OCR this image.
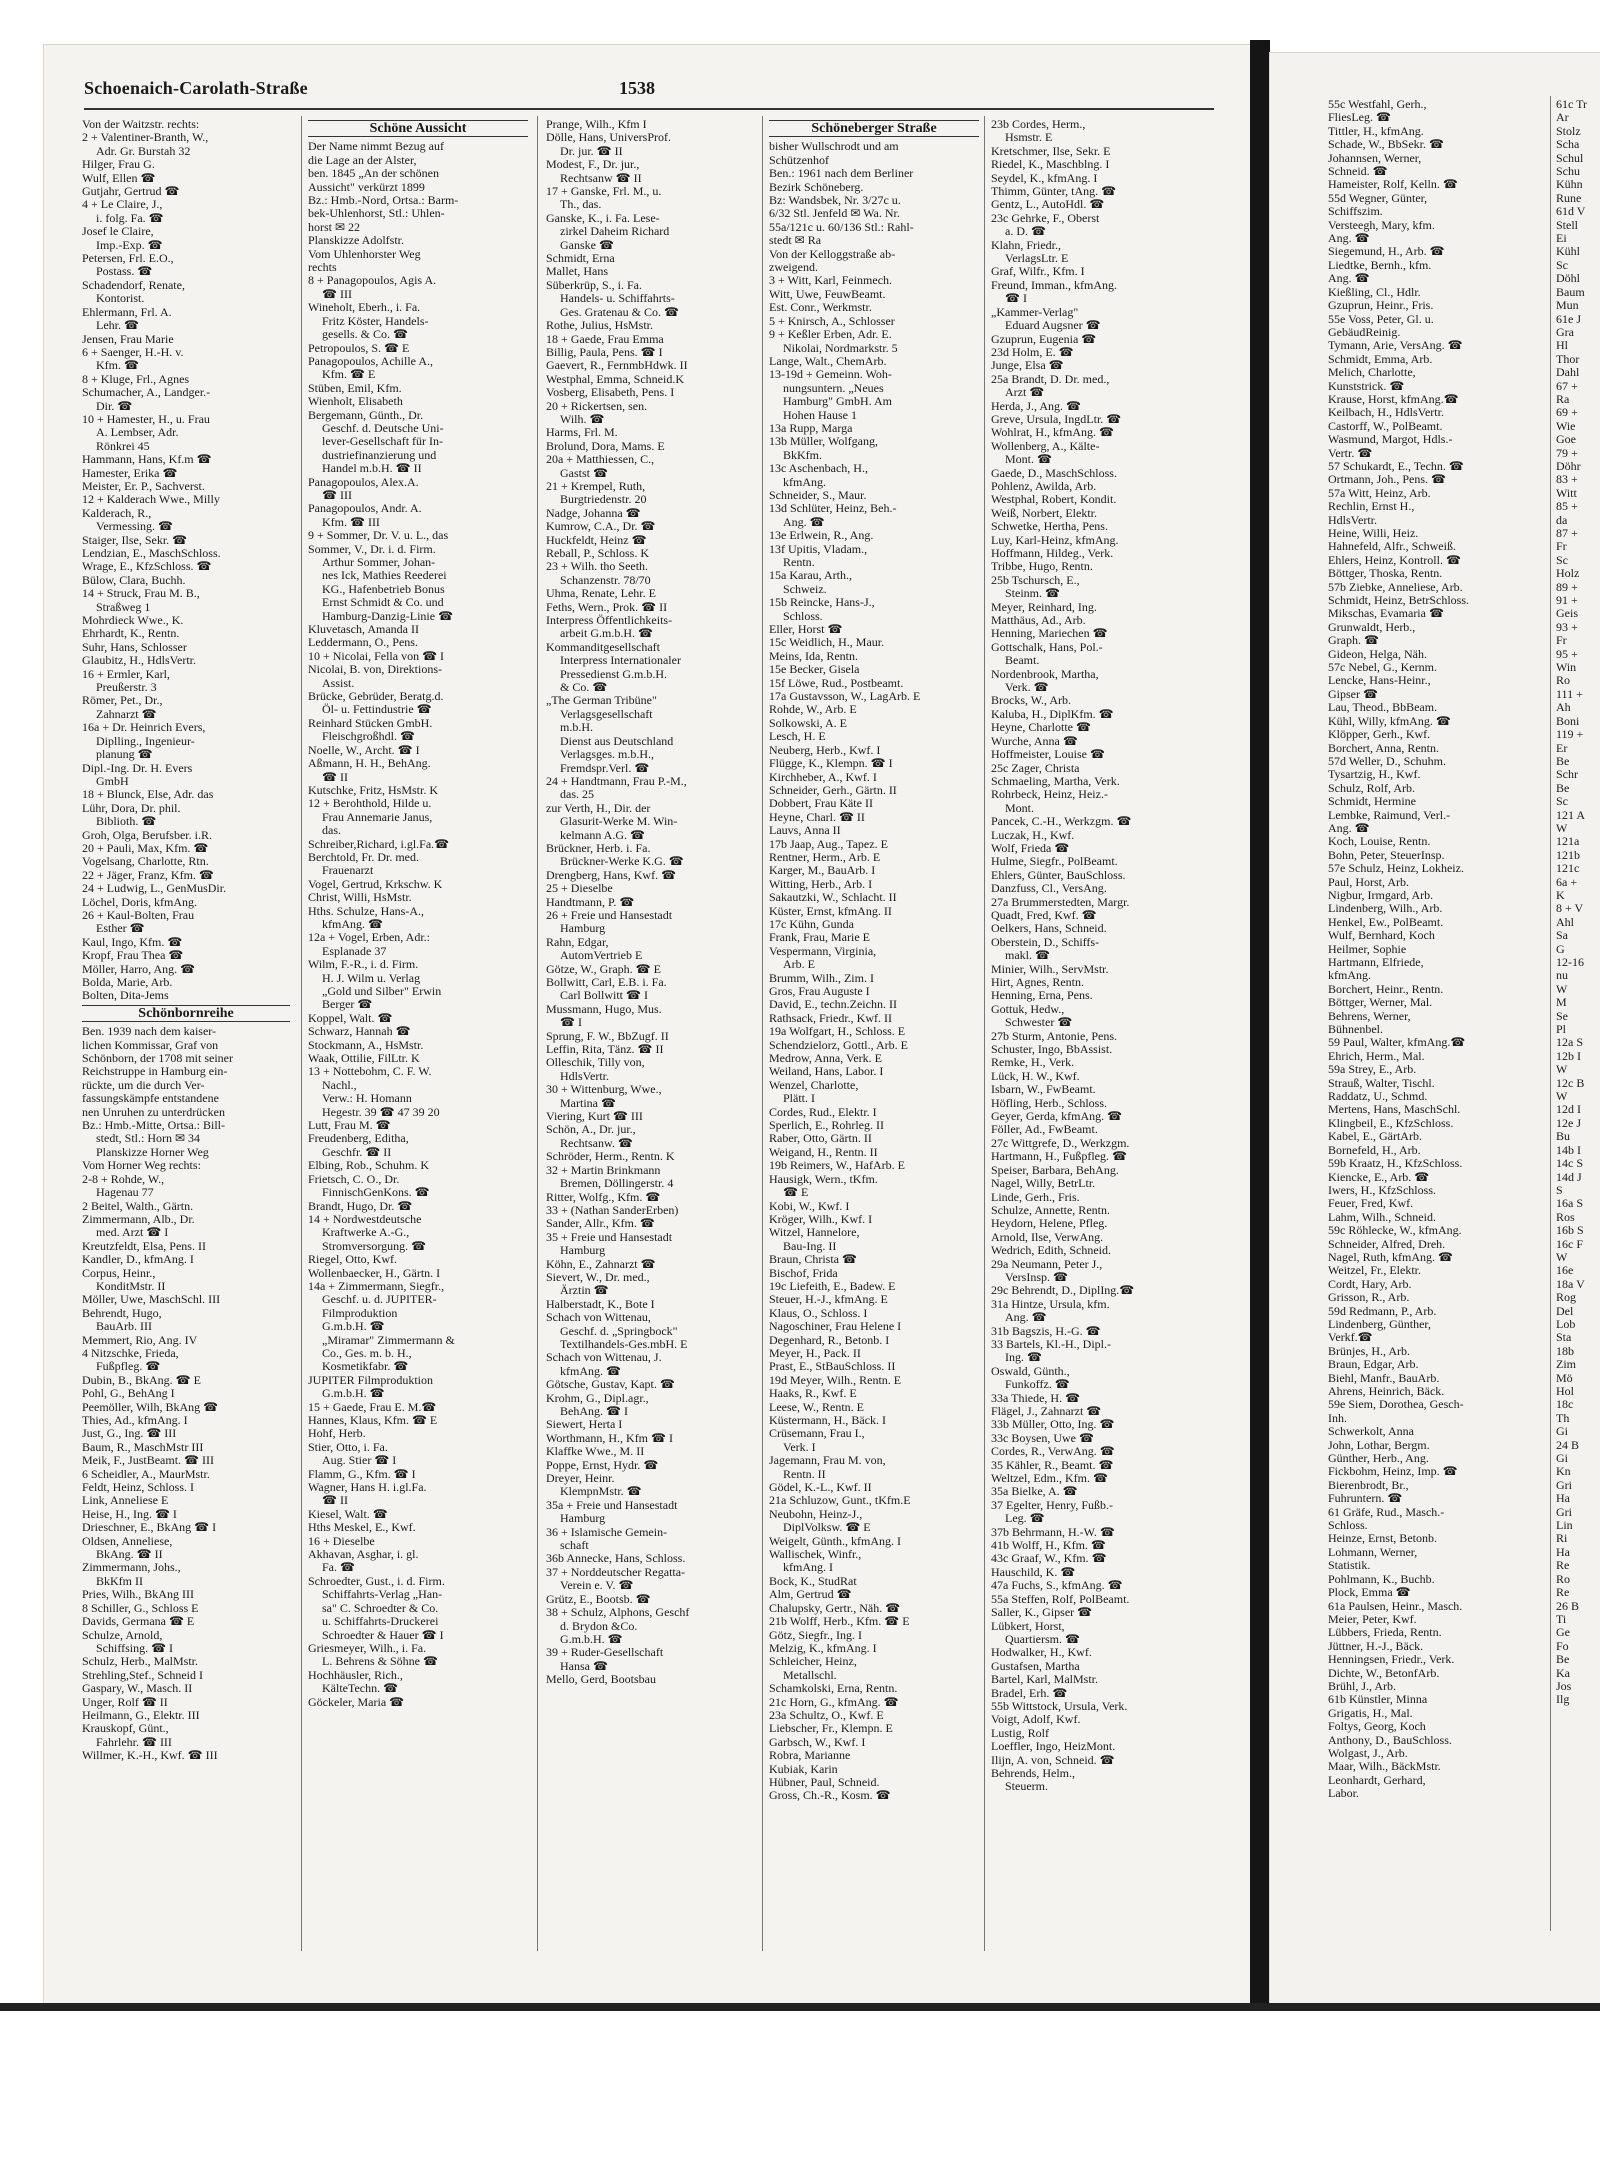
Schoenaich-Carolath-Straße	1538
Von der Waitzstr. rechts:
2 + Valentiner-Branth, W.,
Adr. Gr. Burstah 32
Hilger, Frau G.
Wulf, Ellen ☎
Gutjahr, Gertrud ☎
4 + Le Claire, J.,
i. folg. Fa. ☎
Josef le Claire,
Imp.-Exp. ☎
Petersen, Frl. E.O.,
Postass. ☎
Schadendorf, Renate,
Kontorist.
Ehlermann, Frl. A.
Lehr. ☎
Jensen, Frau Marie
6 + Saenger, H.-H. v.
Kfm. ☎
8 + Kluge, Frl., Agnes
Schumacher, A., Landger.-
Dir. ☎
10 + Hamester, H., u. Frau
A. Lembser, Adr.
Rönkrei 45
Hammann, Hans, Kf.m ☎
Hamester, Erika ☎
Meister, Er. P., Sachverst.
12 + Kalderach Wwe., Milly
Kalderach, R.,
Vermessing. ☎
Staiger, Ilse, Sekr. ☎
Lendzian, E., MaschSchloss.
Wrage, E., KfzSchloss. ☎
Bülow, Clara, Buchh.
14 + Struck, Frau M. B.,
Straßweg 1
Mohrdieck Wwe., K.
Ehrhardt, K., Rentn.
Suhr, Hans, Schlosser
Glaubitz, H., HdlsVertr.
16 + Ermler, Karl,
Preußerstr. 3
Römer, Pet., Dr.,
Zahnarzt ☎
16a + Dr. Heinrich Evers,
Diplling., Ingenieur-
planung ☎
Dipl.-Ing. Dr. H. Evers
GmbH
18 + Blunck, Else, Adr. das
Lühr, Dora, Dr. phil.
Biblioth. ☎
Groh, Olga, Berufsber. i.R.
20 + Pauli, Max, Kfm. ☎
Vogelsang, Charlotte, Rtn.
22 + Jäger, Franz, Kfm. ☎
24 + Ludwig, L., GenMusDir.
Löchel, Doris, kfmAng.
26 + Kaul-Bolten, Frau
Esther ☎
Kaul, Ingo, Kfm. ☎
Kropf, Frau Thea ☎
Möller, Harro, Ang. ☎
Bolda, Marie, Arb.
Bolten, Dita-Jems
Schönbornreihe
Ben. 1939 nach dem kaiser-
lichen Kommissar, Graf von
Schönborn, der 1708 mit seiner
Reichstruppe in Hamburg ein-
rückte, um die durch Ver-
fassungskämpfe entstandene
nen Unruhen zu unterdrücken
Bz.: Hmb.-Mitte, Ortsa.: Bill-
stedt, Stl.: Horn ✉ 34
Planskizze Horner Weg
Vom Horner Weg rechts:
2-8 + Rohde, W.,
Hagenau 77
2 Beitel, Walth., Gärtn.
Zimmermann, Alb., Dr.
med. Arzt ☎ I
Kreutzfeldt, Elsa, Pens. II
Kandler, D., kfmAng. I
Corpus, Heinr.,
KonditMstr. II
Möller, Uwe, MaschSchl. III
Behrendt, Hugo,
BauArb. III
Memmert, Rio, Ang. IV
4 Nitzschke, Frieda,
Fußpfleg. ☎
Dubin, B., BkAng. ☎ E
Pohl, G., BehAng I
Peemöller, Wilh, BkAng ☎
Thies, Ad., kfmAng. I
Just, G., Ing. ☎ III
Baum, R., MaschMstr III
Meik, F., JustBeamt. ☎ III
6 Scheidler, A., MaurMstr.
Feldt, Heinz, Schloss. I
Link, Anneliese E
Heise, H., Ing. ☎ I
Drieschner, E., BkAng ☎ I
Oldsen, Anneliese,
BkAng. ☎ II
Zimmermann, Johs.,
BkKfm II
Pries, Wilh., BkAng III
8 Schiller, G., Schloss E
Davids, Germana ☎ E
Schulze, Arnold,
Schiffsing. ☎ I
Schulz, Herb., MalMstr.
Strehling,Stef., Schneid I
Gaspary, W., Masch. II
Unger, Rolf ☎ II
Heilmann, G., Elektr. III
Krauskopf, Günt.,
Fahrlehr. ☎ III
Willmer, K.-H., Kwf. ☎ III
Schöne Aussicht
Der Name nimmt Bezug auf
die Lage an der Alster,
ben. 1845 „An der schönen
Aussicht" verkürzt 1899
Bz.: Hmb.-Nord, Ortsa.: Barm-
bek-Uhlenhorst, Stl.: Uhlen-
horst ✉ 22
Planskizze Adolfstr.
Vom Uhlenhorster Weg
rechts
8 + Panagopoulos, Agis A.
☎ III
Wineholt, Eberh., i. Fa.
Fritz Köster, Handels-
gesells. & Co. ☎
Petropoulos, S. ☎ E
Panagopoulos, Achille A.,
Kfm. ☎ E
Stüben, Emil, Kfm.
Wienholt, Elisabeth
Bergemann, Günth., Dr.
Geschf. d. Deutsche Uni-
lever-Gesellschaft für In-
dustriefinanzierung und
Handel m.b.H. ☎ II
Panagopoulos, Alex.A.
☎ III
Panagopoulos, Andr. A.
Kfm. ☎ III
9 + Sommer, Dr. V. u. L., das
Sommer, V., Dr. i. d. Firm.
Arthur Sommer, Johan-
nes Ick, Mathies Reederei
KG., Hafenbetrieb Bonus
Ernst Schmidt & Co. und
Hamburg-Danzig-Linie ☎
Kluvetasch, Amanda II
Leddermann, O., Pens.
10 + Nicolai, Fella von ☎ I
Nicolai, B. von, Direktions-
Assist.
Brücke, Gebrüder, Beratg.d.
Öl- u. Fettindustrie ☎
Reinhard Stücken GmbH.
Fleischgroßhdl. ☎
Noelle, W., Archt. ☎ I
Aßmann, H. H., BehAng.
☎ II
Kutschke, Fritz, HsMstr. K
12 + Berohthold, Hilde u.
Frau Annemarie Janus,
das.
Schreiber,Richard, i.gl.Fa.☎
Berchtold, Fr. Dr. med.
Frauenarzt
Vogel, Gertrud, Krkschw. K
Christ, Willi, HsMstr.
Hths. Schulze, Hans-A.,
kfmAng. ☎
12a + Vogel, Erben, Adr.:
Esplanade 37
Wilm, F.-R., i. d. Firm.
H. J. Wilm u. Verlag
„Gold und Silber" Erwin
Berger ☎
Koppel, Walt. ☎
Schwarz, Hannah ☎
Stockmann, A., HsMstr.
Waak, Ottilie, FilLtr. K
13 + Nottebohm, C. F. W.
Nachl.,
Verw.: H. Homann
Hegestr. 39 ☎ 47 39 20
Lutt, Frau M. ☎
Freudenberg, Editha,
Geschfr. ☎ II
Elbing, Rob., Schuhm. K
Frietsch, C. O., Dr.
FinnischGenKons. ☎
Brandt, Hugo, Dr. ☎
14 + Nordwestdeutsche
Kraftwerke A.-G.,
Stromversorgung. ☎
Riegel, Otto, Kwf.
Wollenbaecker, H., Gärtn. I
14a + Zimmermann, Siegfr.,
Geschf. u. d. JUPITER-
Filmproduktion
G.m.b.H. ☎
„Miramar" Zimmermann &
Co., Ges. m. b. H.,
Kosmetikfabr. ☎
JUPITER Filmproduktion
G.m.b.H. ☎
15 + Gaede, Frau E. M.☎
Hannes, Klaus, Kfm. ☎ E
Hohf, Herb.
Stier, Otto, i. Fa.
Aug. Stier ☎ I
Flamm, G., Kfm. ☎ I
Wagner, Hans H. i.gl.Fa.
☎ II
Kiesel, Walt. ☎
Hths Meskel, E., Kwf.
16 + Dieselbe
Akhavan, Asghar, i. gl.
Fa. ☎
Schroedter, Gust., i. d. Firm.
Schiffahrts-Verlag „Han-
sa" C. Schroedter & Co.
u. Schiffahrts-Druckerei
Schroedter & Hauer ☎ I
Griesmeyer, Wilh., i. Fa.
L. Behrens & Söhne ☎
Hochhäusler, Rich.,
KälteTechn. ☎
Göckeler, Maria ☎
Prange, Wilh., Kfm I
Dölle, Hans, UniversProf.
Dr. jur. ☎ II
Modest, F., Dr. jur.,
Rechtsanw ☎ II
17 + Ganske, Frl. M., u.
Th., das.
Ganske, K., i. Fa. Lese-
zirkel Daheim Richard
Ganske ☎
Schmidt, Erna
Mallet, Hans
Süberkrüp, S., i. Fa.
Handels- u. Schiffahrts-
Ges. Gratenau & Co. ☎
Rothe, Julius, HsMstr.
18 + Gaede, Frau Emma
Billig, Paula, Pens. ☎ I
Gaevert, R., FernmbHdwk. II
Westphal, Emma, Schneid.K
Vosberg, Elisabeth, Pens. I
20 + Rickertsen, sen.
Wilh. ☎
Harms, Frl. M.
Brolund, Dora, Mams. E
20a + Matthiessen, C.,
Gastst ☎
21 + Krempel, Ruth,
Burgtriedenstr. 20
Nadge, Johanna ☎
Kumrow, C.A., Dr. ☎
Huckfeldt, Heinz ☎
Reball, P., Schloss. K
23 + Wilh. tho Seeth.
Schanzenstr. 78/70
Uhma, Renate, Lehr. E
Feths, Wern., Prok. ☎ II
Interpress Öffentlichkeits-
arbeit G.m.b.H. ☎
Kommanditgesellschaft
Interpress Internationaler
Pressedienst G.m.b.H.
& Co. ☎
„The German Tribüne"
Verlagsgesellschaft
m.b.H.
Dienst aus Deutschland
Verlagsges. m.b.H.,
Fremdspr.Verl. ☎
24 + Handtmann, Frau P.-M.,
das. 25
zur Verth, H., Dir. der
Glasurit-Werke M. Win-
kelmann A.G. ☎
Brückner, Herb. i. Fa.
Brückner-Werke K.G. ☎
Drengberg, Hans, Kwf. ☎
25 + Dieselbe
Handtmann, P. ☎
26 + Freie und Hansestadt
Hamburg
Rahn, Edgar,
AutomVertrieb E
Götze, W., Graph. ☎ E
Bollwitt, Carl, E.B. i. Fa.
Carl Bollwitt ☎ I
Mussmann, Hugo, Mus.
☎ I
Sprung, F. W., BbZugf. II
Leffin, Rita, Tänz. ☎ II
Olleschik, Tilly von,
HdlsVertr.
30 + Wittenburg, Wwe.,
Martina ☎
Viering, Kurt ☎ III
Schön, A., Dr. jur.,
Rechtsanw. ☎
Schröder, Herm., Rentn. K
32 + Martin Brinkmann
Bremen, Döllingerstr. 4
Ritter, Wolfg., Kfm. ☎
33 + (Nathan SanderErben)
Sander, Allr., Kfm. ☎
35 + Freie und Hansestadt
Hamburg
Köhn, E., Zahnarzt ☎
Sievert, W., Dr. med.,
Ärztin ☎
Halberstadt, K., Bote I
Schach von Wittenau,
Geschf. d. „Springbock"
Textilhandels-Ges.mbH. E
Schach von Wittenau, J.
kfmAng. ☎
Götsche, Gustav, Kapt. ☎
Krohm, G., Dipl.agr.,
BehAng. ☎ I
Siewert, Herta I
Worthmann, H., Kfm ☎ I
Klaffke Wwe., M. II
Poppe, Ernst, Hydr. ☎
Dreyer, Heinr.
KlempnMstr. ☎
35a + Freie und Hansestadt
Hamburg
36 + Islamische Gemein-
schaft
36b Annecke, Hans, Schloss.
37 + Norddeutscher Regatta-
Verein e. V. ☎
Grütz, E., Bootsb. ☎
38 + Schulz, Alphons, Geschf
d. Brydon &Co.
G.m.b.H. ☎
39 + Ruder-Gesellschaft
Hansa ☎
Mello, Gerd, Bootsbau
Schöneberger Straße
bisher Wullschrodt und am
Schützenhof
Ben.: 1961 nach dem Berliner
Bezirk Schöneberg.
Bz: Wandsbek, Nr. 3/27c u.
6/32 Stl. Jenfeld ✉ Wa. Nr.
55a/121c u. 60/136 Stl.: Rahl-
stedt ✉ Ra
Von der Kelloggstraße ab-
zweigend.
3 + Witt, Karl, Feinmech.
Witt, Uwe, FeuwBeamt.
Est. Conr., Werkmstr.
5 + Knirsch, A., Schlosser
9 + Keßler Erben, Adr. E.
Nikolai, Nordmarkstr. 5
Lange, Walt., ChemArb.
13-19d + Gemeinn. Woh-
nungsuntern. „Neues
Hamburg" GmbH. Am
Hohen Hause 1
13a Rupp, Marga
13b Müller, Wolfgang,
BkKfm.
13c Aschenbach, H.,
kfmAng.
Schneider, S., Maur.
13d Schlüter, Heinz, Beh.-
Ang. ☎
13e Erlwein, R., Ang.
13f Upitis, Vladam.,
Rentn.
15a Karau, Arth.,
Schweiz.
15b Reincke, Hans-J.,
Schloss.
Eller, Horst ☎
15c Weidlich, H., Maur.
Meins, Ida, Rentn.
15e Becker, Gisela
15f Löwe, Rud., Postbeamt.
17a Gustavsson, W., LagArb. E
Rohde, W., Arb. E
Solkowski, A. E
Lesch, H. E
Neuberg, Herb., Kwf. I
Flügge, K., Klempn. ☎ I
Kirchheber, A., Kwf. I
Schneider, Gerh., Gärtn. II
Dobbert, Frau Käte II
Heyne, Charl. ☎ II
Lauvs, Anna II
17b Jaap, Aug., Tapez. E
Rentner, Herm., Arb. E
Karger, M., BauArb. I
Witting, Herb., Arb. I
Sakautzki, W., Schlacht. II
Küster, Ernst, kfmAng. II
17c Kühn, Gunda
Frank, Frau, Marie E
Vespermann, Virginia,
Arb. E
Brumm, Wilh., Zim. I
Gros, Frau Auguste I
David, E., techn.Zeichn. II
Rathsack, Friedr., Kwf. II
19a Wolfgart, H., Schloss. E
Schendzielorz, Gottl., Arb. E
Medrow, Anna, Verk. E
Weiland, Hans, Labor. I
Wenzel, Charlotte,
Plätt. I
Cordes, Rud., Elektr. I
Sperlich, E., Rohrleg. II
Raber, Otto, Gärtn. II
Weigand, H., Rentn. II
19b Reimers, W., HafArb. E
Hausigk, Wern., tKfm.
☎ E
Kobi, W., Kwf. I
Kröger, Wilh., Kwf. I
Witzel, Hannelore,
Bau-Ing. II
Braun, Christa ☎
Bischof, Frida
19c Liefeith, E., Badew. E
Steuer, H.-J., kfmAng. E
Klaus, O., Schloss. I
Nagoschiner, Frau Helene I
Degenhard, R., Betonb. I
Meyer, H., Pack. II
Prast, E., StBauSchloss. II
19d Meyer, Wilh., Rentn. E
Haaks, R., Kwf. E
Leese, W., Rentn. E
Küstermann, H., Bäck. I
Crüsemann, Frau I.,
Verk. I
Jagemann, Frau M. von,
Rentn. II
Gödel, K.-L., Kwf. II
21a Schluzow, Gunt., tKfm.E
Neubohn, Heinz-J.,
DiplVolksw. ☎ E
Weigelt, Günth., kfmAng. I
Wallischek, Winfr.,
kfmAng. I
Bock, K., StudRat
Alm, Gertrud ☎
Chalupsky, Gertr., Näh. ☎
21b Wolff, Herb., Kfm. ☎ E
Götz, Siegfr., Ing. I
Melzig, K., kfmAng. I
Schleicher, Heinz,
Metallschl.
Schamkolski, Erna, Rentn.
21c Horn, G., kfmAng. ☎
23a Schultz, O., Kwf. E
Liebscher, Fr., Klempn. E
Garbsch, W., Kwf. I
Robra, Marianne
Kubiak, Karin
Hübner, Paul, Schneid.
Gross, Ch.-R., Kosm. ☎
23b Cordes, Herm.,
Hsmstr. E
Kretschmer, Ilse, Sekr. E
Riedel, K., Maschblng. I
Seydel, K., kfmAng. I
Thimm, Günter, tAng. ☎
Gentz, L., AutoHdl. ☎
23c Gehrke, F., Oberst
a. D. ☎
Klahn, Friedr.,
VerlagsLtr. E
Graf, Wilfr., Kfm. I
Freund, Imman., kfmAng.
☎ I
„Kammer-Verlag"
Eduard Augsner ☎
Gzuprun, Eugenia ☎
23d Holm, E. ☎
Junge, Elsa ☎
25a Brandt, D. Dr. med.,
Arzt ☎
Herda, J., Ang. ☎
Greve, Ursula, IngdLtr. ☎
Wohlrat, H., kfmAng. ☎
Wollenberg, A., Kälte-
Mont. ☎
Gaede, D., MaschSchloss.
Pohlenz, Awilda, Arb.
Westphal, Robert, Kondit.
Weiß, Norbert, Elektr.
Schwetke, Hertha, Pens.
Luy, Karl-Heinz, kfmAng.
Hoffmann, Hildeg., Verk.
Tribbe, Hugo, Rentn.
25b Tschursch, E.,
Steinm. ☎
Meyer, Reinhard, Ing.
Matthäus, Ad., Arb.
Henning, Mariechen ☎
Gottschalk, Hans, Pol.-
Beamt.
Nordenbrook, Martha,
Verk. ☎
Brocks, W., Arb.
Kaluba, H., DiplKfm. ☎
Heyne, Charlotte ☎
Wurche, Anna ☎
Hoffmeister, Louise ☎
25c Zager, Christa
Schmaeling, Martha, Verk.
Rohrbeck, Heinz, Heiz.-
Mont.
Pancek, C.-H., Werkzgm. ☎
Luczak, H., Kwf.
Wolf, Frieda ☎
Hulme, Siegfr., PolBeamt.
Ehlers, Günter, BauSchloss.
Danzfuss, Cl., VersAng.
27a Brummerstedten, Margr.
Quadt, Fred, Kwf. ☎
Oelkers, Hans, Schneid.
Oberstein, D., Schiffs-
makl. ☎
Minier, Wilh., ServMstr.
Hirt, Agnes, Rentn.
Henning, Erna, Pens.
Gottuk, Hedw.,
Schwester ☎
27b Sturm, Antonie, Pens.
Schuster, Ingo, BbAssist.
Remke, H., Verk.
Lück, H. W., Kwf.
Isbarn, W., FwBeamt.
Höfling, Herb., Schloss.
Geyer, Gerda, kfmAng. ☎
Föller, Ad., FwBeamt.
27c Wittgrefe, D., Werkzgm.
Hartmann, H., Fußpfleg. ☎
Speiser, Barbara, BehAng.
Nagel, Willy, BetrLtr.
Linde, Gerh., Fris.
Schulze, Annette, Rentn.
Heydorn, Helene, Pfleg.
Arnold, Ilse, VerwAng.
Wedrich, Edith, Schneid.
29a Neumann, Peter J.,
VersInsp. ☎
29c Behrendt, D., DiplIng.☎
31a Hintze, Ursula, kfm.
Ang. ☎
31b Bagszis, H.-G. ☎
33 Bartels, Kl.-H., Dipl.-
Ing. ☎
Oswald, Günth.,
Funkoffz. ☎
33a Thiede, H. ☎
Flägel, J., Zahnarzt ☎
33b Müller, Otto, Ing. ☎
33c Boysen, Uwe ☎
Cordes, R., VerwAng. ☎
35 Kähler, R., Beamt. ☎
Weltzel, Edm., Kfm. ☎
35a Bielke, A. ☎
37 Egelter, Henry, Fußb.-
Leg. ☎
37b Behrmann, H.-W. ☎
41b Wolff, H., Kfm. ☎
43c Graaf, W., Kfm. ☎
Hauschild, K. ☎
47a Fuchs, S., kfmAng. ☎
55a Steffen, Rolf, PolBeamt.
Saller, K., Gipser ☎
Lübkert, Horst,
Quartiersm. ☎
Hodwalker, H., Kwf.
Gustafsen, Martha
Bartel, Karl, MalMstr.
Bradel, Erh. ☎
55b Wittstock, Ursula, Verk.
Voigt, Adolf, Kwf.
Lustig, Rolf
Loeffler, Ingo, HeizMont.
Ilijn, A. von, Schneid. ☎
Behrends, Helm.,
Steuerm.
55c Westfahl, Gerh.,
FliesLeg. ☎
Tittler, H., kfmAng.
Schade, W., BbSekr. ☎
Johannsen, Werner,
Schneid. ☎
Hameister, Rolf, Kelln. ☎
55d Wegner, Günter,
Schiffszim.
Versteegh, Mary, kfm.
Ang. ☎
Siegemund, H., Arb. ☎
Liedtke, Bernh., kfm.
Ang. ☎
Kießling, Cl., Hdlr.
Gzuprun, Heinr., Fris.
55e Voss, Peter, Gl. u.
GebäudReinig.
Tymann, Arie, VersAng. ☎
Schmidt, Emma, Arb.
Melich, Charlotte,
Kunststrick. ☎
Krause, Horst, kfmAng.☎
Keilbach, H., HdlsVertr.
Castorff, W., PolBeamt.
Wasmund, Margot, Hdls.-
Vertr. ☎
57 Schukardt, E., Techn. ☎
Ortmann, Joh., Pens. ☎
57a Witt, Heinz, Arb.
Rechlin, Ernst H.,
HdlsVertr.
Heine, Willi, Heiz.
Hahnefeld, Alfr., Schweiß.
Ehlers, Heinz, Kontroll. ☎
Böttger, Thoska, Rentn.
57b Ziebke, Anneliese, Arb.
Schmidt, Heinz, BetrSchloss.
Mikschas, Evamaria ☎
Grunwaldt, Herb.,
Graph. ☎
Gideon, Helga, Näh.
57c Nebel, G., Kernm.
Lencke, Hans-Heinr.,
Gipser ☎
Lau, Theod., BbBeam.
Kühl, Willy, kfmAng. ☎
Klöpper, Gerh., Kwf.
Borchert, Anna, Rentn.
57d Weller, D., Schuhm.
Tysartzig, H., Kwf.
Schulz, Rolf, Arb.
Schmidt, Hermine
Lembke, Raimund, Verl.-
Ang. ☎
Koch, Louise, Rentn.
Bohn, Peter, SteuerInsp.
57e Schulz, Heinz, Lokheiz.
Paul, Horst, Arb.
Nigbur, Irmgard, Arb.
Lindenberg, Wilh., Arb.
Henkel, Ew., PolBeamt.
Wulf, Bernhard, Koch
Heilmer, Sophie
Hartmann, Elfriede,
kfmAng.
Borchert, Heinr., Rentn.
Böttger, Werner, Mal.
Behrens, Werner,
Bühnenbel.
59 Paul, Walter, kfmAng.☎
Ehrich, Herm., Mal.
59a Strey, E., Arb.
Strauß, Walter, Tischl.
Raddatz, U., Schmd.
Mertens, Hans, MaschSchl.
Klingbeil, E., KfzSchloss.
Kabel, E., GärtArb.
Bornefeld, H., Arb.
59b Kraatz, H., KfzSchloss.
Kiencke, E., Arb. ☎
Iwers, H., KfzSchloss.
Feuer, Fred, Kwf.
Lahm, Wilh., Schneid.
59c Röhlecke, W., kfmAng.
Schneider, Alfred, Dreh.
Nagel, Ruth, kfmAng. ☎
Weitzel, Fr., Elektr.
Cordt, Hary, Arb.
Grisson, R., Arb.
59d Redmann, P., Arb.
Lindenberg, Günther,
Verkf.☎
Brünjes, H., Arb.
Braun, Edgar, Arb.
Biehl, Manfr., BauArb.
Ahrens, Heinrich, Bäck.
59e Siem, Dorothea, Gesch-
Inh.
Schwerkolt, Anna
John, Lothar, Bergm.
Günther, Herb., Ang.
Fickbohm, Heinz, Imp. ☎
Bierenbrodt, Br.,
Fuhruntern. ☎
61 Gräfe, Rud., Masch.-
Schloss.
Heinze, Ernst, Betonb.
Lohmann, Werner,
Statistik.
Pohlmann, K., Buchb.
Plock, Emma ☎
61a Paulsen, Heinr., Masch.
Meier, Peter, Kwf.
Lübbers, Frieda, Rentn.
Jüttner, H.-J., Bäck.
Henningsen, Friedr., Verk.
Dichte, W., BetonfArb.
Brühl, J., Arb.
61b Künstler, Minna
Grigatis, H., Mal.
Foltys, Georg, Koch
Anthony, D., BauSchloss.
Wolgast, J., Arb.
Maar, Wilh., BäckMstr.
Leonhardt, Gerhard,
Labor.
61c Tr
Ar
Stolz
Scha
Schul
Schu
Kühn
Rune
61d V
Stell
Ei
Kühl
Sc
Döhl
Baum
Mun
61e J
Gra
Hl
Thor
Dahl
67 +
Ra
69 +
Wie
Goe
79 +
Döhr
83 +
Witt
85 +
da
87 +
Fr
Sc
Holz
89 +
91 +
Geis
93 +
Fr
95 +
Win
Ro
111 +
Ah
Boni
119 +
Er
Be
Schr
Be
Sc
121 A
W
121a
121b
121c
6a +
K
8 + V
Ahl
Sa
G
12-16
nu
W
M
Se
Pl
12a S
12b I
W
12c B
W
12d I
12e J
Bu
14b I
14c S
14d J
S
16a S
Ros
16b S
16c F
W
16e
18a V
Rog
Del
Lob
Sta
18b
Zim
Mö
Hol
18c
Th
Gi
24 B
Gi
Kn
Gri
Ha
Gri
Lin
Ri
Ha
Re
Ro
Re
26 B
Ti
Ge
Fo
Be
Ka
Jos
Ilg
